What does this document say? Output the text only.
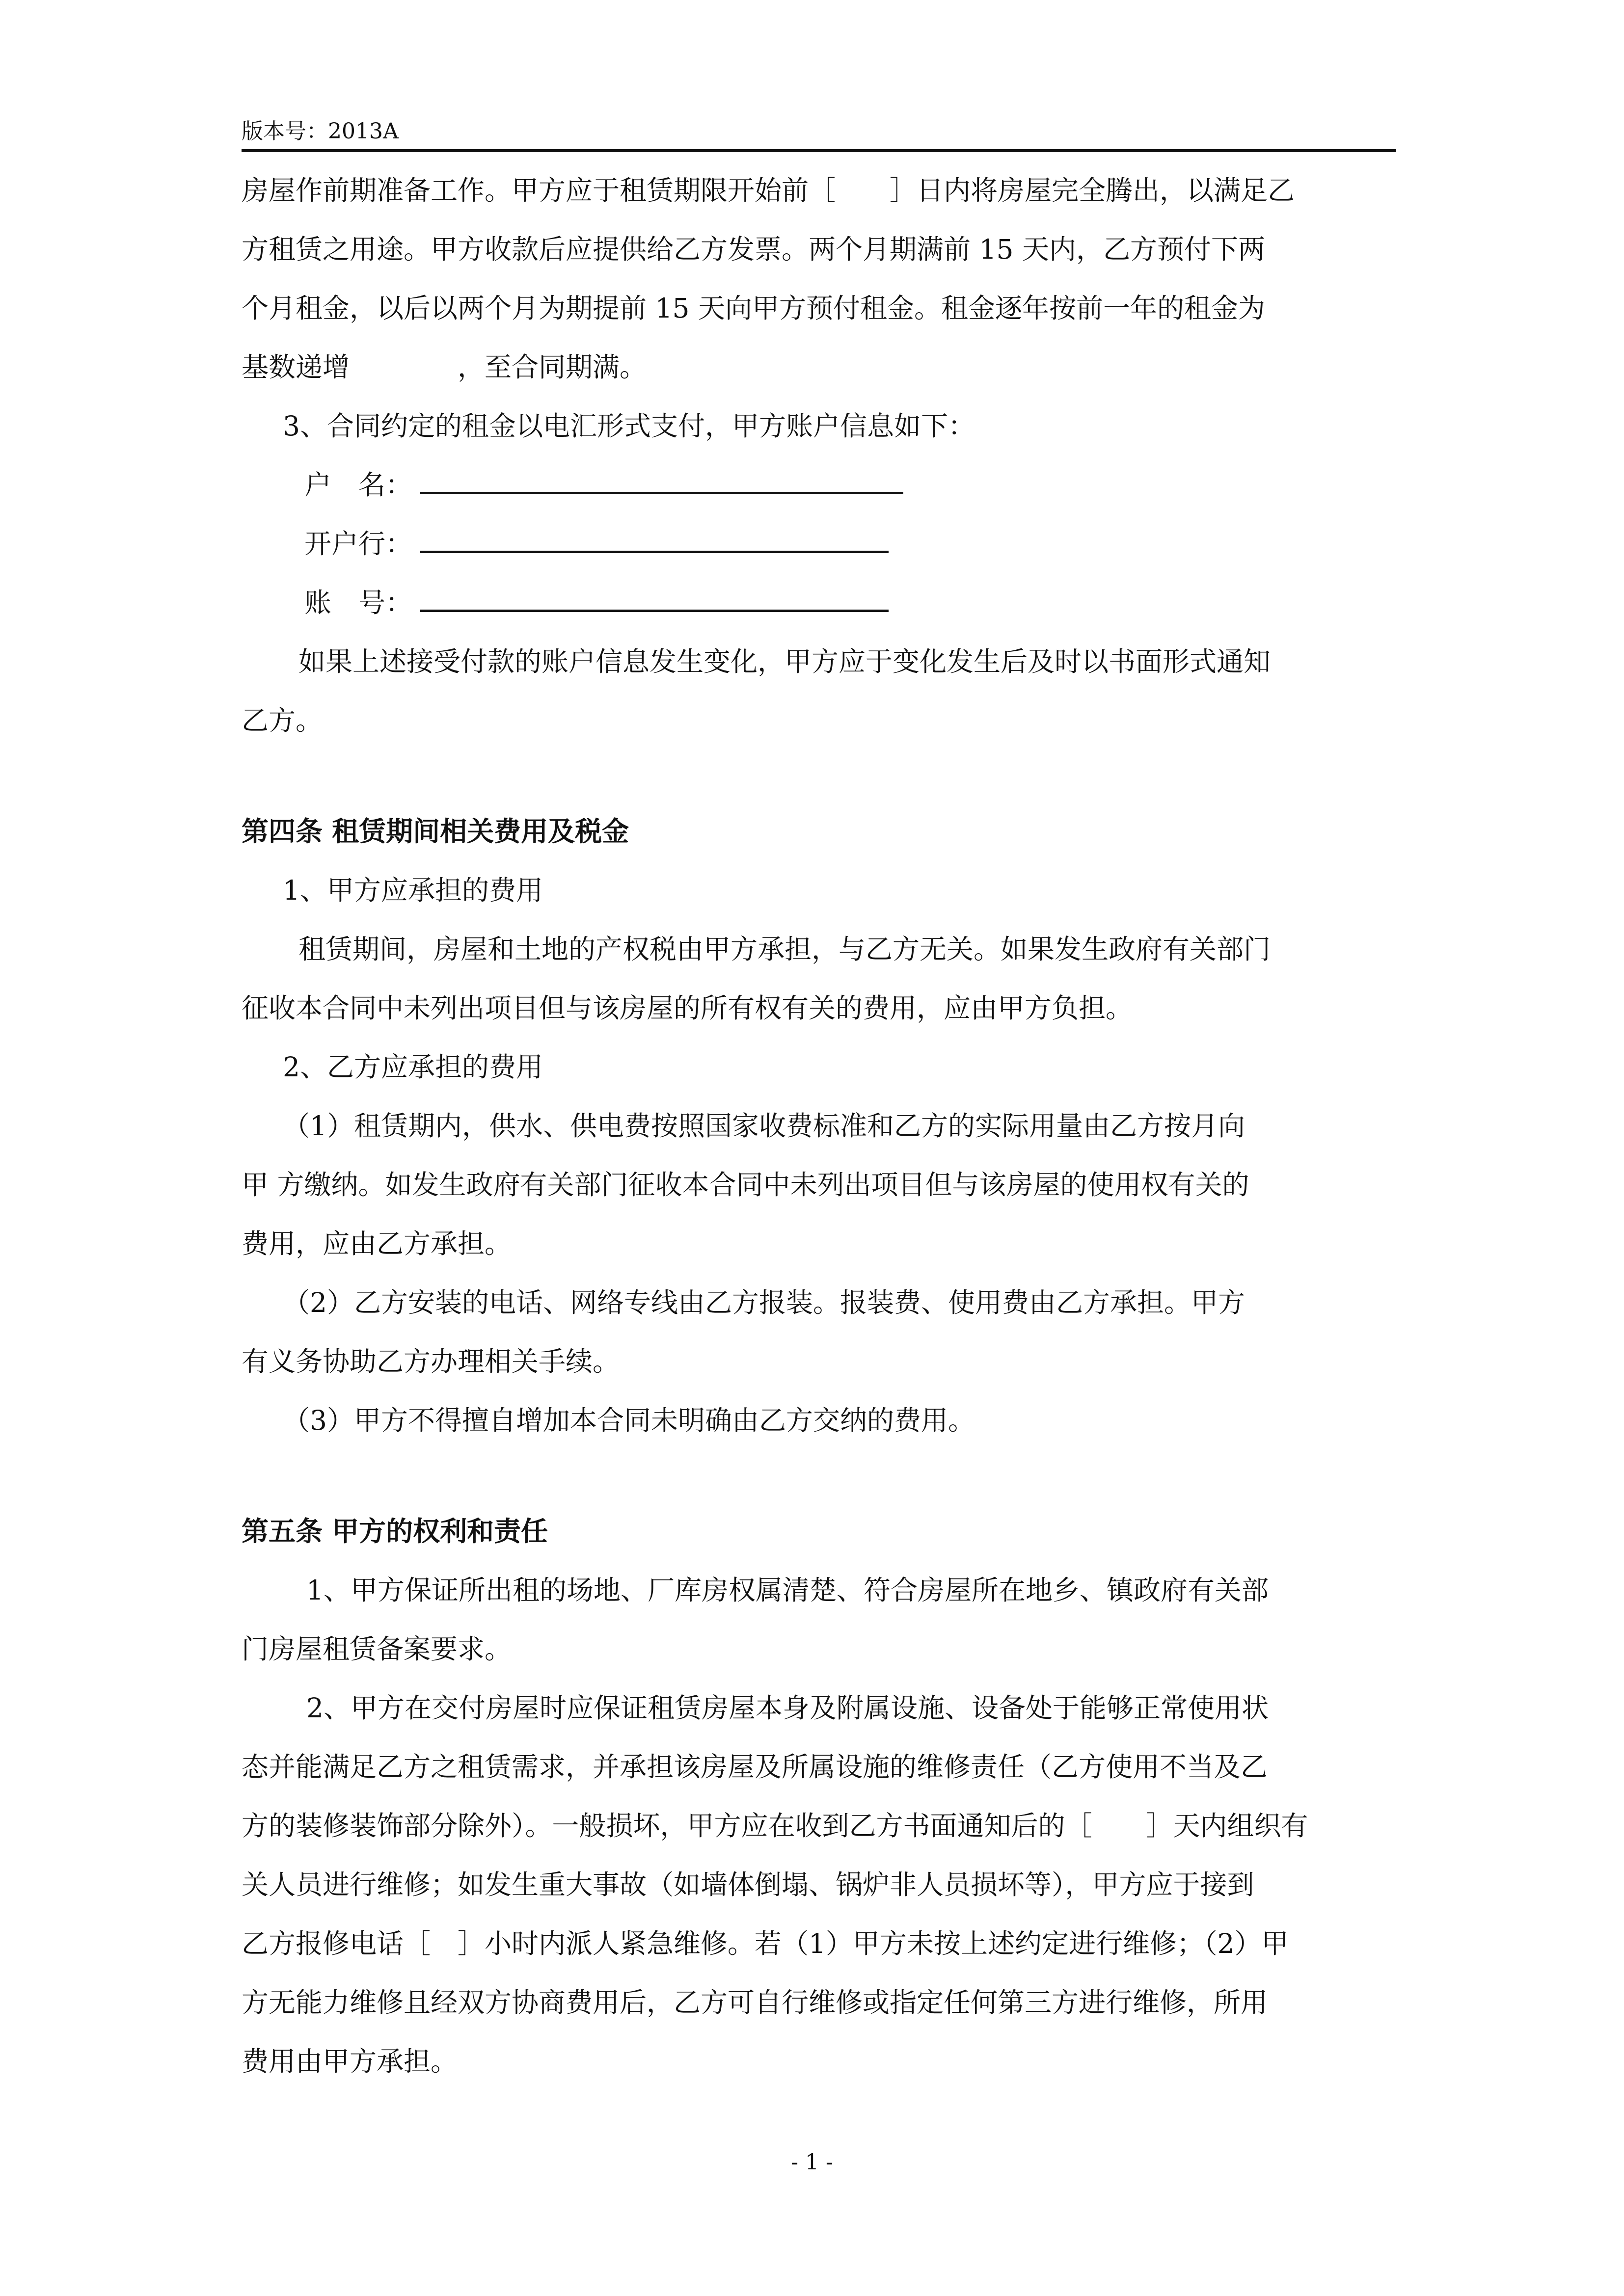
版本号：2013A
房屋作前期准备工作。甲方应于租赁期限开始前［　　］日内将房屋完全腾出，以满足乙
方租赁之用途。甲方收款后应提供给乙方发票。两个月期满前 15 天内，乙方预付下两
个月租金，以后以两个月为期提前 15 天向甲方预付租金。租金逐年按前一年的租金为
基数递增　　　　，至合同期满。
3、合同约定的租金以电汇形式支付，甲方账户信息如下：
户　名：
开户行：
账　号：
如果上述接受付款的账户信息发生变化，甲方应于变化发生后及时以书面形式通知
乙方。
第四条 租赁期间相关费用及税金
1、甲方应承担的费用
租赁期间，房屋和土地的产权税由甲方承担，与乙方无关。如果发生政府有关部门
征收本合同中未列出项目但与该房屋的所有权有关的费用，应由甲方负担。
2、乙方应承担的费用
（1）租赁期内，供水、供电费按照国家收费标准和乙方的实际用量由乙方按月向
甲 方缴纳。如发生政府有关部门征收本合同中未列出项目但与该房屋的使用权有关的
费用，应由乙方承担。
（2）乙方安装的电话、网络专线由乙方报装。报装费、使用费由乙方承担。甲方
有义务协助乙方办理相关手续。
（3）甲方不得擅自增加本合同未明确由乙方交纳的费用。
第五条 甲方的权利和责任
1、甲方保证所出租的场地、厂库房权属清楚、符合房屋所在地乡、镇政府有关部
门房屋租赁备案要求。
2、甲方在交付房屋时应保证租赁房屋本身及附属设施、设备处于能够正常使用状
态并能满足乙方之租赁需求，并承担该房屋及所属设施的维修责任（乙方使用不当及乙
方的装修装饰部分除外）。一般损坏，甲方应在收到乙方书面通知后的［　　］天内组织有
关人员进行维修；如发生重大事故（如墙体倒塌、锅炉非人员损坏等），甲方应于接到
乙方报修电话［　］小时内派人紧急维修。若（1）甲方未按上述约定进行维修；（2）甲
方无能力维修且经双方协商费用后，乙方可自行维修或指定任何第三方进行维修，所用
费用由甲方承担。
- 1 -
